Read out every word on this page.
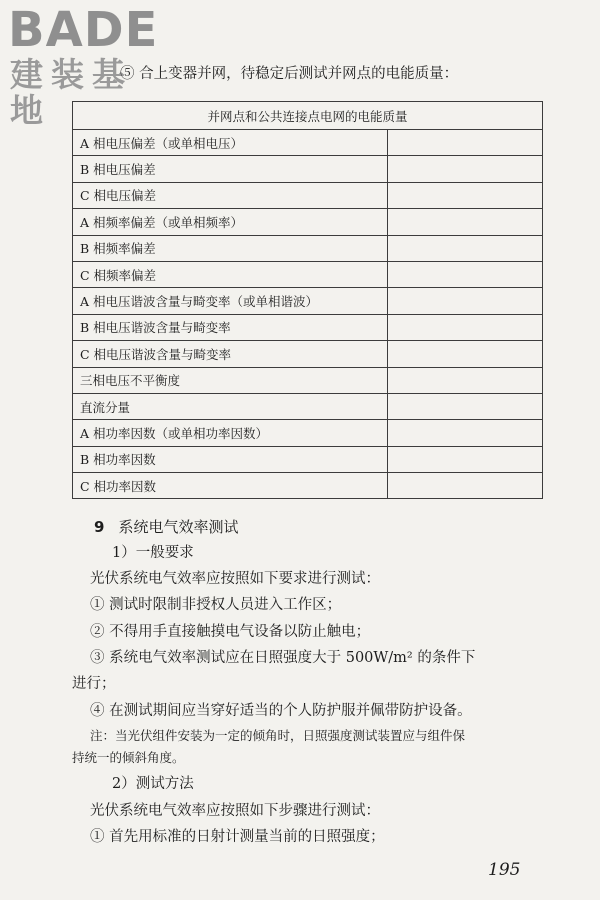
BADE
建装基地
⑤ 合上变器并网，待稳定后测试并网点的电能质量：
并网点和公共连接点电网的电能质量	
A 相电压偏差（或单相电压）	
B 相电压偏差	
C 相电压偏差	
A 相频率偏差（或单相频率）	
B 相频率偏差	
C 相频率偏差	
A 相电压谐波含量与畸变率（或单相谐波）	
B 相电压谐波含量与畸变率	
C 相电压谐波含量与畸变率	
三相电压不平衡度	
直流分量	
A 相功率因数（或单相功率因数）	
B 相功率因数	
C 相功率因数	
9 系统电气效率测试
1）一般要求
光伏系统电气效率应按照如下要求进行测试：
① 测试时限制非授权人员进入工作区；
② 不得用手直接触摸电气设备以防止触电；
③ 系统电气效率测试应在日照强度大于 500W/m² 的条件下
进行；
④ 在测试期间应当穿好适当的个人防护服并佩带防护设备。
注：当光伏组件安装为一定的倾角时，日照强度测试装置应与组件保
持统一的倾斜角度。
2）测试方法
光伏系统电气效率应按照如下步骤进行测试：
① 首先用标准的日射计测量当前的日照强度；
195
